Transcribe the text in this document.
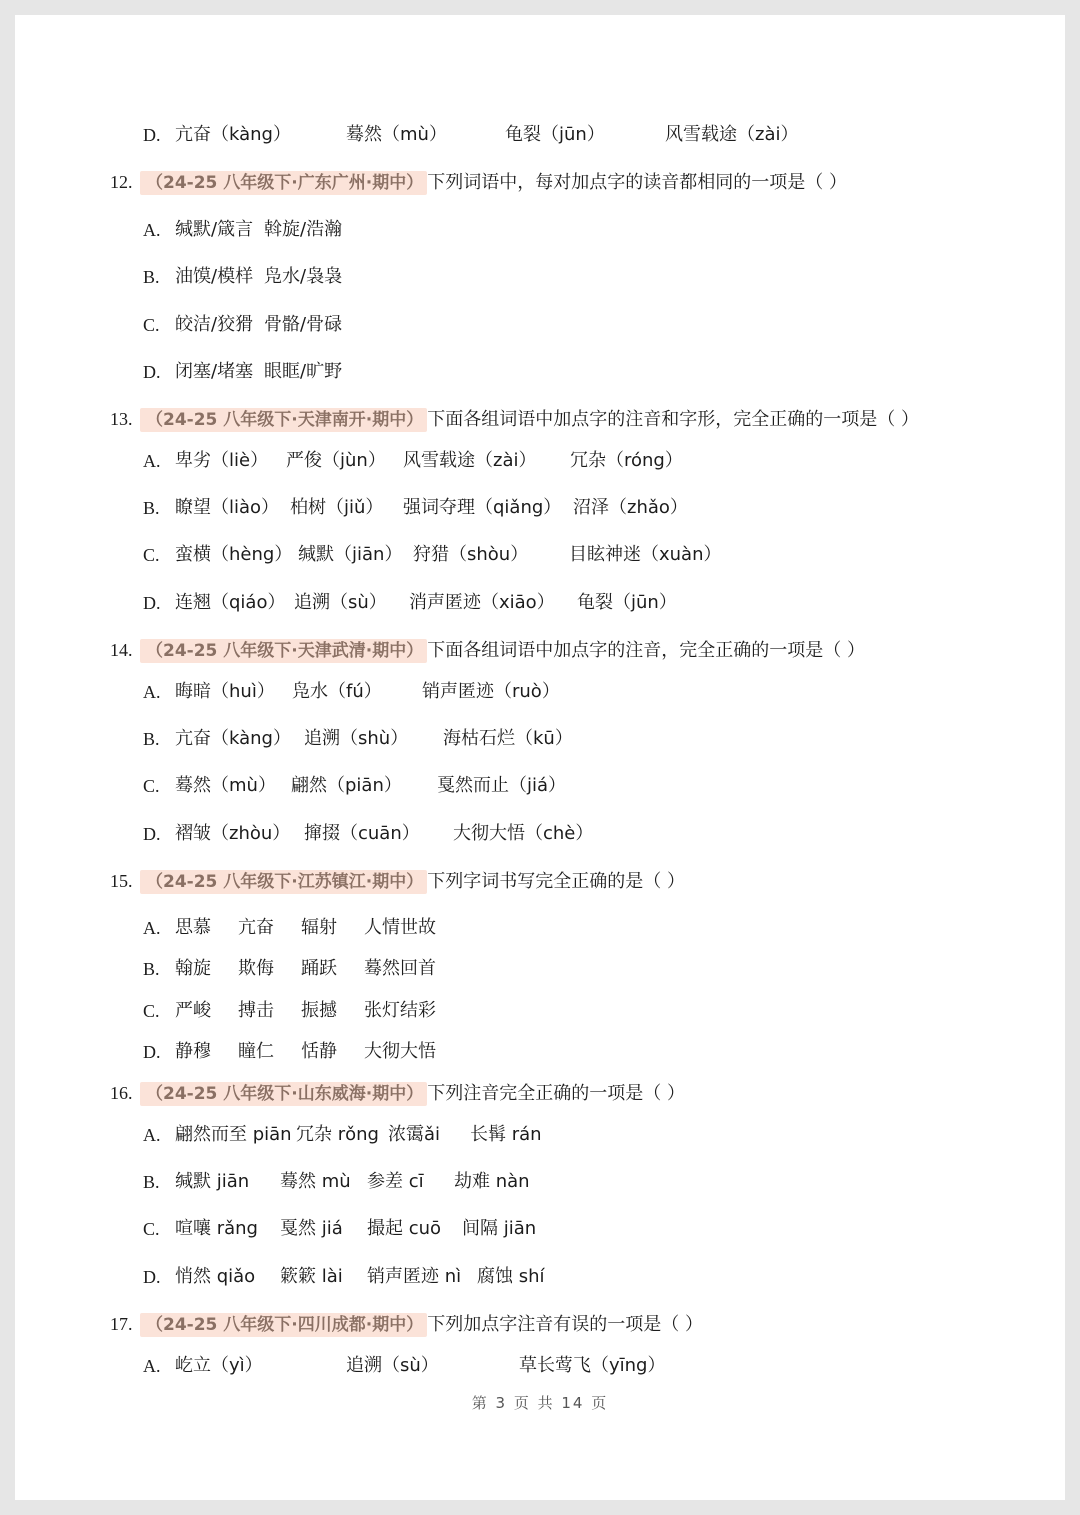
D. 亢奋（kàng）	蓦然（mù）	龟裂（jūn）	风雪载途（zài）
12. （24-25 八年级下·广东广州·期中） 下列词语中，每对加点字的读音都相同的一项是（ ）
A. 缄默/箴言 斡旋/浩瀚
B. 油馍/模样 凫水/袅袅
C. 皎洁/狡猾 骨骼/骨碌
D. 闭塞/堵塞 眼眶/旷野
13. （24-25 八年级下·天津南开·期中） 下面各组词语中加点字的注音和字形，完全正确的一项是（ ）
A. 卑劣（liè） 严俊（jùn） 风雪载途（zài） 冗杂（róng）
B. 瞭望（liào） 柏树（jiǔ） 强词夺理（qiǎng） 沼泽（zhǎo）
C. 蛮横（hèng） 缄默（jiān） 狩猎（shòu） 目眩神迷（xuàn）
D. 连翘（qiáo） 追溯（sù） 消声匿迹（xiāo） 龟裂（jūn）
14. （24-25 八年级下·天津武清·期中） 下面各组词语中加点字的注音，完全正确的一项是（ ）
A. 晦暗（huì） 凫水（fú） 销声匿迹（ruò）
B. 亢奋（kàng） 追溯（shù） 海枯石烂（kū）
C. 蓦然（mù） 翩然（piān） 戛然而止（jiá）
D. 褶皱（zhòu） 撺掇（cuān） 大彻大悟（chè）
15. （24-25 八年级下·江苏镇江·期中） 下列字词书写完全正确的是（ ）
A. 思慕 亢奋 辐射 人情世故
B. 翰旋 欺侮 踊跃 蓦然回首
C. 严峻 搏击 振撼 张灯结彩
D. 静穆 瞳仁 恬静 大彻大悟
16. （24-25 八年级下·山东威海·期中） 下列注音完全正确的一项是（ ）
A. 翩然而至 piān 冗杂 rǒng 浓霭ǎi 长髯 rán
B. 缄默 jiān 蓦然 mù 参差 cī 劫难 nàn
C. 喧嚷 rǎng 戛然 jiá 撮起 cuō 间隔 jiān
D. 悄然 qiǎo 簌簌 lài 销声匿迹 nì 腐蚀 shí
17. （24-25 八年级下·四川成都·期中） 下列加点字注音有误的一项是（ ）
A. 屹立（yì）	追溯（sù）	草长莺飞（yīng）
第 3 页 共 14 页
